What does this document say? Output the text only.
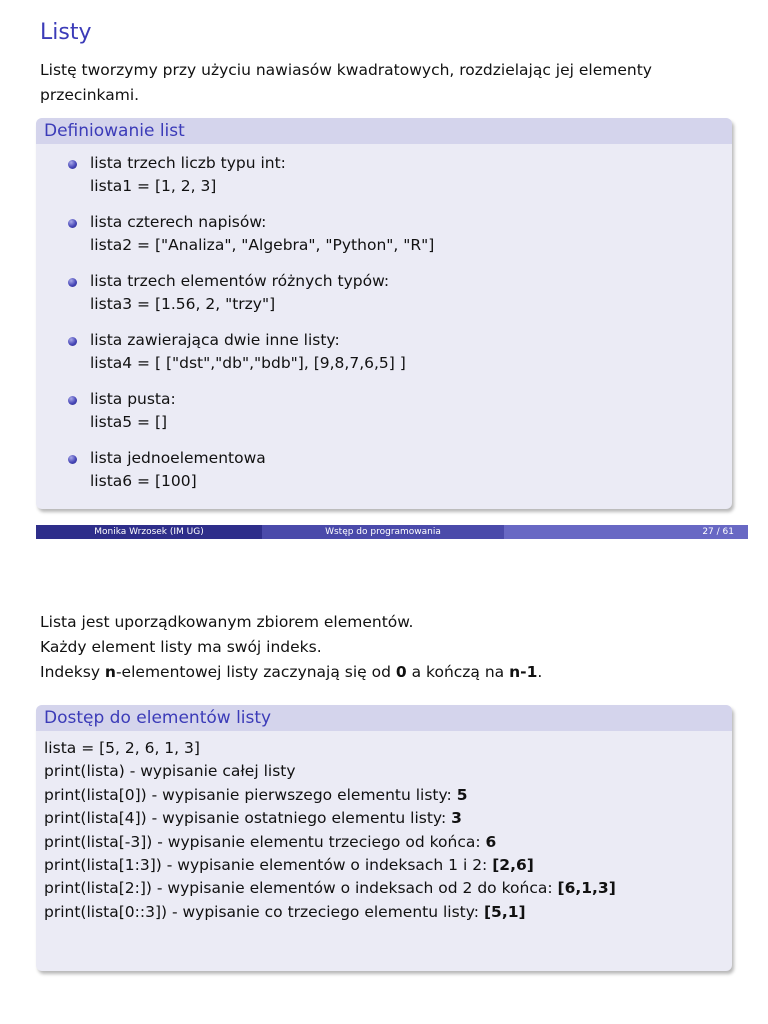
Listy
Listę tworzymy przy użyciu nawiasów kwadratowych, rozdzielając jej elementy przecinkami.
Definiowanie list
lista trzech liczb typu int:
lista1 = [1, 2, 3]
lista czterech napisów:
lista2 = ["Analiza", "Algebra", "Python", "R"]
lista trzech elementów różnych typów:
lista3 = [1.56, 2, "trzy"]
lista zawierająca dwie inne listy:
lista4 = [ ["dst","db","bdb"], [9,8,7,6,5] ]
lista pusta:
lista5 = []
lista jednoelementowa
lista6 = [100]
Monika Wrzosek (IM UG)	Wstęp do programowania	27 / 61
Lista jest uporządkowanym zbiorem elementów.
Każdy element listy ma swój indeks.
Indeksy n-elementowej listy zaczynają się od 0 a kończą na n-1.
Dostęp do elementów listy
lista = [5, 2, 6, 1, 3]
print(lista) - wypisanie całej listy
print(lista[0]) - wypisanie pierwszego elementu listy: 5
print(lista[4]) - wypisanie ostatniego elementu listy: 3
print(lista[-3]) - wypisanie elementu trzeciego od końca: 6
print(lista[1:3]) - wypisanie elementów o indeksach 1 i 2: [2,6]
print(lista[2:]) - wypisanie elementów o indeksach od 2 do końca: [6,1,3]
print(lista[0::3]) - wypisanie co trzeciego elementu listy: [5,1]
